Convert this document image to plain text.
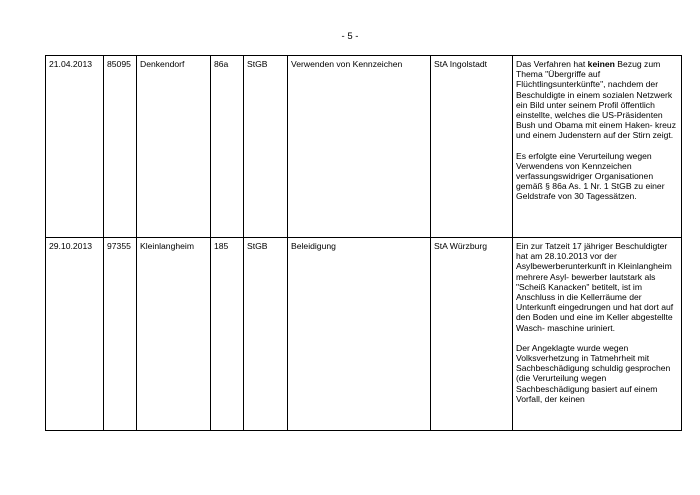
- 5 -
21.04.2013	85095	Denkendorf	86a	StGB	Verwenden von Kennzeichen	StA Ingolstadt	Das Verfahren hat keinen Bezug zum Thema "Übergriffe auf Flüchtlingsunterkünfte", nachdem der Beschuldigte in einem sozialen Netzwerk ein Bild unter seinem Profil öffentlich einstellte, welches die US-Präsidenten Bush und Obama mit einem Haken- kreuz und einem Judenstern auf der Stirn zeigt.

Es erfolgte eine Verurteilung wegen Verwendens von Kennzeichen verfassungswidriger Organisationen gemäß § 86a As. 1 Nr. 1 StGB zu einer Geldstrafe von 30 Tagessätzen.

29.10.2013	97355	Kleinlangheim	185	StGB	Beleidigung	StA Würzburg	Ein zur Tatzeit 17 jähriger Beschuldigter hat am 28.10.2013 vor der Asylbewerberunterkunft in Kleinlangheim mehrere Asyl- bewerber lautstark als "Scheiß Kanacken" betitelt, ist im Anschluss in die Kellerräume der Unterkunft eingedrungen und hat dort auf den Boden und eine im Keller abgestellte Wasch- maschine uriniert.

Der Angeklagte wurde wegen Volksverhetzung in Tatmehrheit mit Sachbeschädigung schuldig gesprochen (die Verurteilung wegen Sachbeschädigung basiert auf einem Vorfall, der keinen
